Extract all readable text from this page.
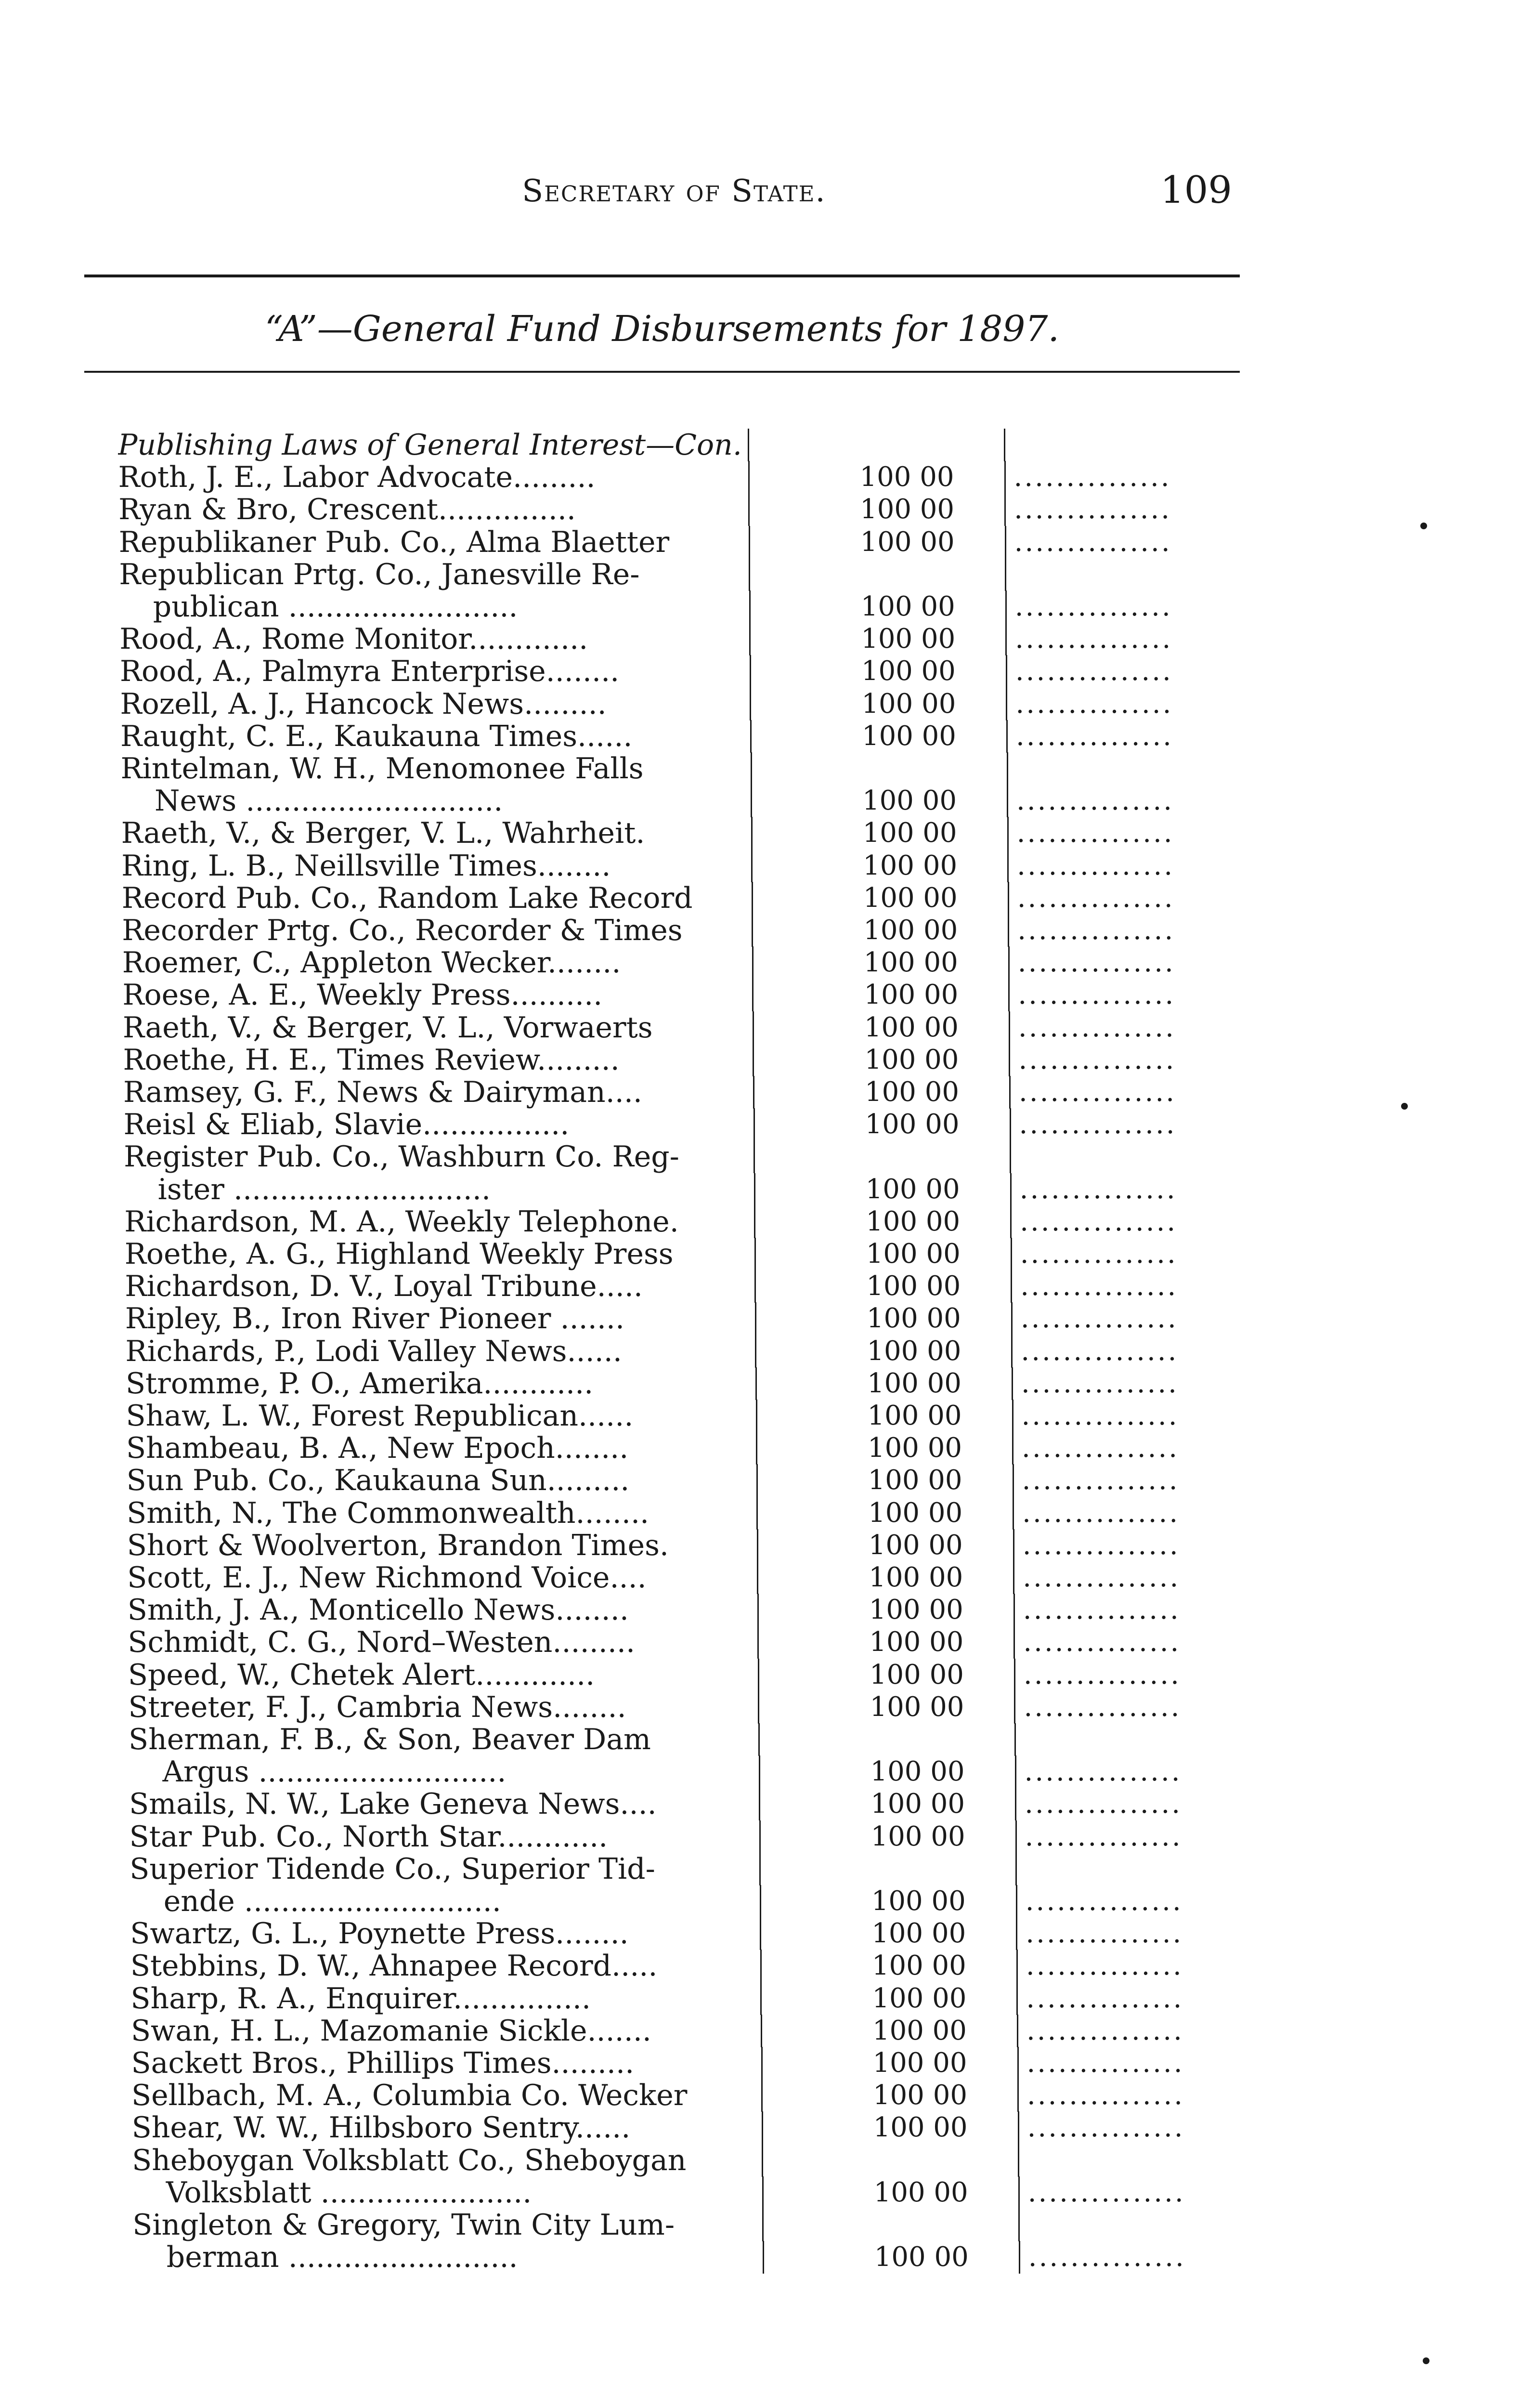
Secretary of State.	109
“A”—General Fund Disbursements for 1897.
Publishing Laws of General Interest—Con.
Roth, J. E., Labor Advocate.........	100 00 ...............
Ryan & Bro, Crescent...............	100 00 ...............
Republikaner Pub. Co., Alma Blaetter	100 00 ...............
Republican Prtg. Co., Janesville Re-
publican .........................	100 00 ...............
Rood, A., Rome Monitor.............	100 00 ...............
Rood, A., Palmyra Enterprise........	100 00 ...............
Rozell, A. J., Hancock News.........	100 00 ...............
Raught, C. E., Kaukauna Times......	100 00 ...............
Rintelman, W. H., Menomonee Falls
News ............................	100 00 ...............
Raeth, V., & Berger, V. L., Wahrheit.	100 00 ...............
Ring, L. B., Neillsville Times........	100 00 ...............
Record Pub. Co., Random Lake Record	100 00 ...............
Recorder Prtg. Co., Recorder & Times	100 00 ...............
Roemer, C., Appleton Wecker........	100 00 ...............
Roese, A. E., Weekly Press..........	100 00 ...............
Raeth, V., & Berger, V. L., Vorwaerts	100 00 ...............
Roethe, H. E., Times Review.........	100 00 ...............
Ramsey, G. F., News & Dairyman....	100 00 ...............
Reisl & Eliab, Slavie................	100 00 ...............
Register Pub. Co., Washburn Co. Reg-
ister ............................	100 00 ...............
Richardson, M. A., Weekly Telephone.	100 00 ...............
Roethe, A. G., Highland Weekly Press	100 00 ...............
Richardson, D. V., Loyal Tribune.....	100 00 ...............
Ripley, B., Iron River Pioneer .......	100 00 ...............
Richards, P., Lodi Valley News......	100 00 ...............
Stromme, P. O., Amerika............	100 00 ...............
Shaw, L. W., Forest Republican......	100 00 ...............
Shambeau, B. A., New Epoch........	100 00 ...............
Sun Pub. Co., Kaukauna Sun.........	100 00 ...............
Smith, N., The Commonwealth........	100 00 ...............
Short & Woolverton, Brandon Times.	100 00 ...............
Scott, E. J., New Richmond Voice....	100 00 ...............
Smith, J. A., Monticello News........	100 00 ...............
Schmidt, C. G., Nord–Westen.........	100 00 ...............
Speed, W., Chetek Alert.............	100 00 ...............
Streeter, F. J., Cambria News........	100 00 ...............
Sherman, F. B., & Son, Beaver Dam
Argus ...........................	100 00 ...............
Smails, N. W., Lake Geneva News....	100 00 ...............
Star Pub. Co., North Star............	100 00 ...............
Superior Tidende Co., Superior Tid-
ende ............................	100 00 ...............
Swartz, G. L., Poynette Press........	100 00 ...............
Stebbins, D. W., Ahnapee Record.....	100 00 ...............
Sharp, R. A., Enquirer...............	100 00 ...............
Swan, H. L., Mazomanie Sickle.......	100 00 ...............
Sackett Bros., Phillips Times.........	100 00 ...............
Sellbach, M. A., Columbia Co. Wecker	100 00 ...............
Shear, W. W., Hilbsboro Sentry......	100 00 ...............
Sheboygan Volksblatt Co., Sheboygan
Volksblatt .......................	100 00 ...............
Singleton & Gregory, Twin City Lum-
berman .........................	100 00 ...............
